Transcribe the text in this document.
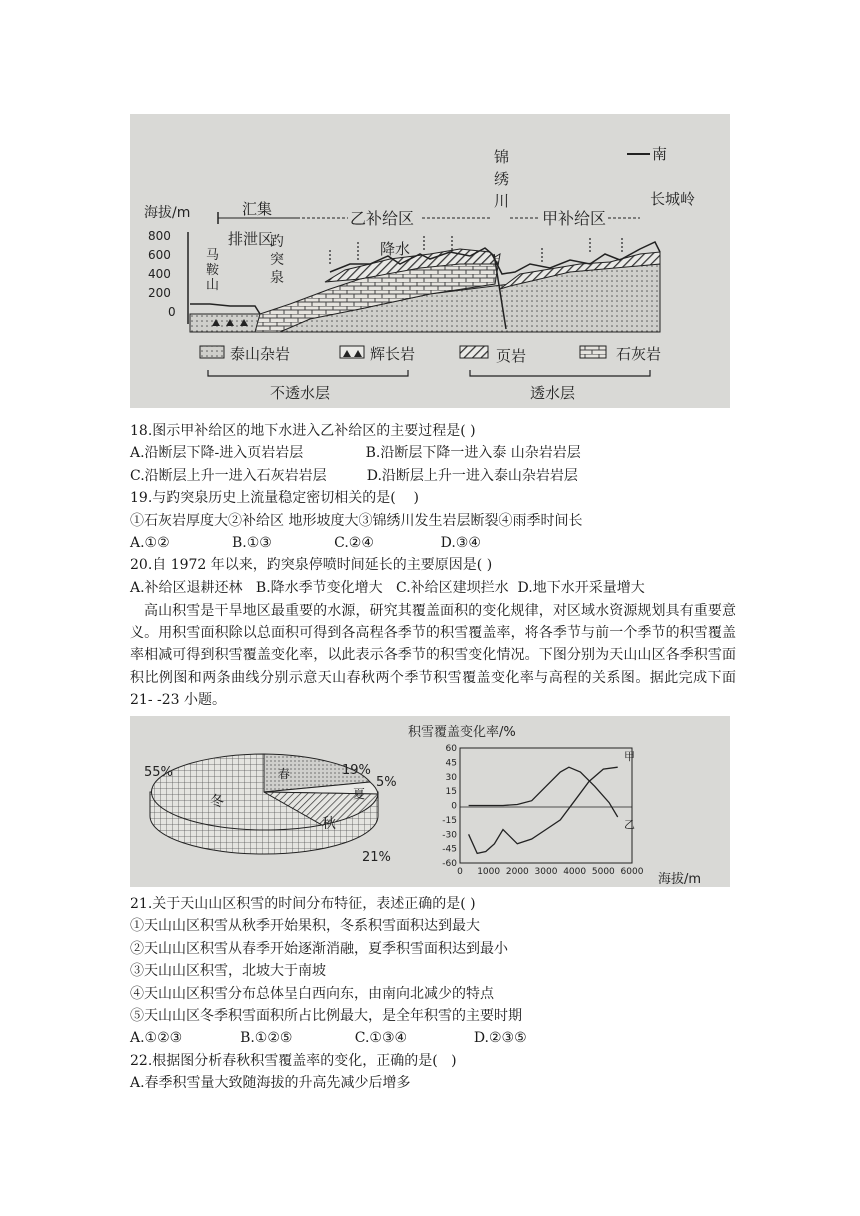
南
锦绣川	长城岭
海拔/m
800
600
400
200
0
汇集
排泄区
乙补给区	甲补给区
马鞍山
趵突泉
降水
泰山杂岩	辉长岩	页岩	石灰岩
不透水层	透水层
18.图示甲补给区的地下水进入乙补给区的主要过程是( )
A.沿断层下降-进入页岩岩层              B.沿断层下降一进入泰 山杂岩岩层
C.沿断层上升一进入石灰岩岩层         D.沿断层上升一进入泰山杂岩岩层
19.与趵突泉历史上流量稳定密切相关的是(    )
①石灰岩厚度大②补给区 地形坡度大③锦绣川发生岩层断裂④雨季时间长
A.①②              B.①③              C.②④               D.③④
20.自 1972 年以来，趵突泉停喷时间延长的主要原因是( )
A.补给区退耕还林   B.降水季节变化增大   C.补给区建坝拦水  D.地下水开采量增大

高山积雪是干旱地区最重要的水源，研究其覆盖面积的变化规律，对区域水资源规划具有重要意义。用积雪面积除以总面积可得到各高程各季节的积雪覆盖率，将各季节与前一个季节的积雪覆盖率相减可得到积雪覆盖变化率，以此表示各季节的积雪变化情况。下图分别为天山山区各季积雪面积比例图和两条曲线分别示意天山春秋两个季节积雪覆盖变化率与高程的关系图。据此完成下面 21- -23 小题。

冬
春
夏
秋
55%	19%
5%
21%
积雪覆盖变化率/%
60
45
30
15
0
-15
-30
-45
-60
0 1000 2000 3000 4000 5000 6000
甲
乙
海拔/m
21.关于天山山区积雪的时间分布特征，表述正确的是( )
①天山山区积雪从秋季开始果积，冬系积雪面积达到最大
②天山山区积雪从春季开始逐渐消融，夏季积雪面积达到最小
③天山山区积雪，北坡大于南坡
④天山山区积雪分布总体呈白西向东，由南向北减少的特点
⑤天山山区冬季积雪面积所占比例最大，是全年积雪的主要时期
A.①②③             B.①②⑤              C.①③④               D.②③⑤
22.根据图分析春秋积雪覆盖率的变化，正确的是(   )
A.春季积雪量大致随海拔的升高先减少后增多
